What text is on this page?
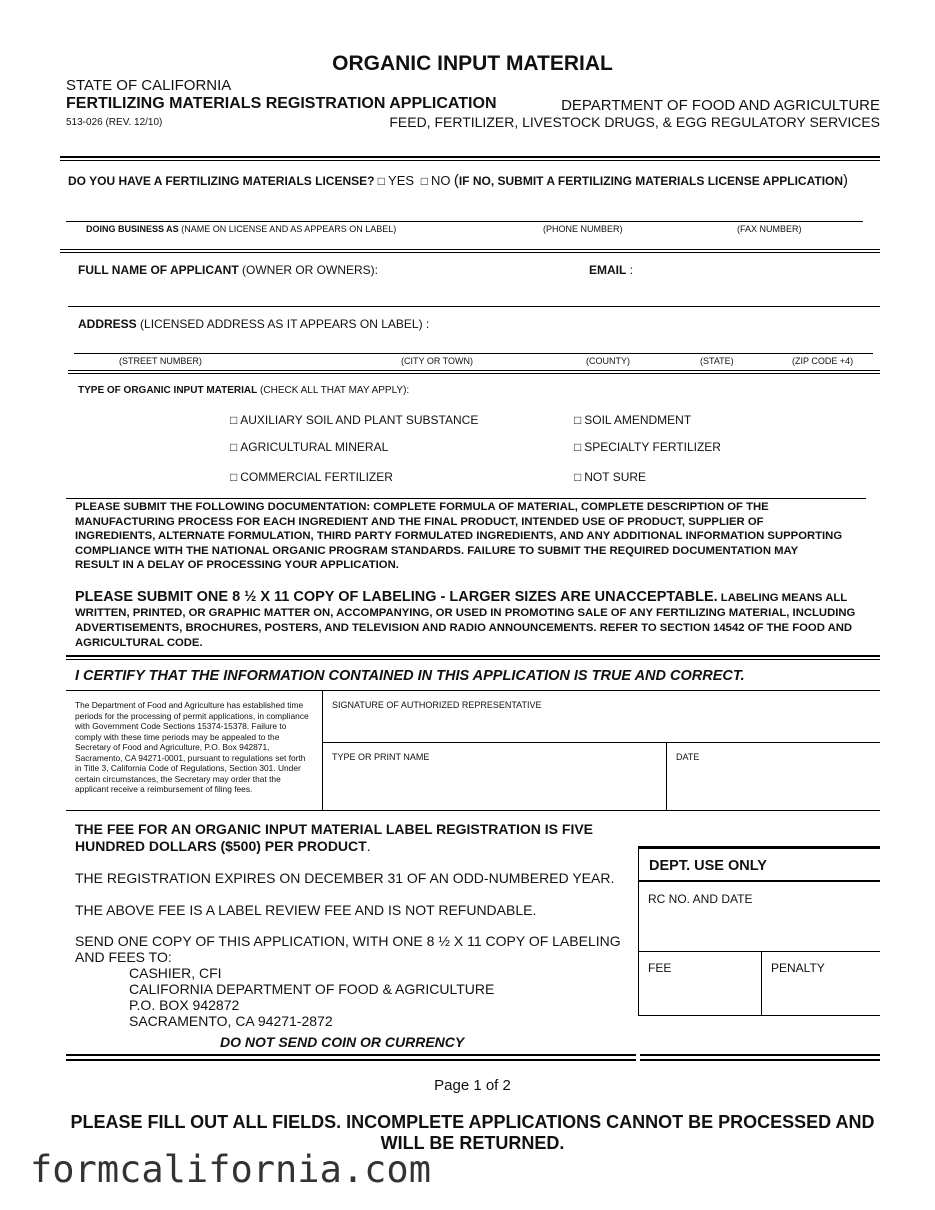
ORGANIC INPUT MATERIAL
STATE OF CALIFORNIA
FERTILIZING MATERIALS REGISTRATION APPLICATION	DEPARTMENT OF FOOD AND AGRICULTURE
513-026 (REV. 12/10)	FEED, FERTILIZER, LIVESTOCK DRUGS, & EGG REGULATORY SERVICES
DO YOU HAVE A FERTILIZING MATERIALS LICENSE? □ YES □ NO (IF NO, SUBMIT A FERTILIZING MATERIALS LICENSE APPLICATION)
DOING BUSINESS AS (NAME ON LICENSE AND AS APPEARS ON LABEL)	(PHONE NUMBER)	(FAX NUMBER)
FULL NAME OF APPLICANT (OWNER OR OWNERS):	EMAIL :
ADDRESS (LICENSED ADDRESS AS IT APPEARS ON LABEL) :
(STREET NUMBER)	(CITY OR TOWN)	(COUNTY)	(STATE)	(ZIP CODE +4)
TYPE OF ORGANIC INPUT MATERIAL (CHECK ALL THAT MAY APPLY):
□ AUXILIARY SOIL AND PLANT SUBSTANCE	□ SOIL AMENDMENT
□ AGRICULTURAL MINERAL	□ SPECIALTY FERTILIZER
□ COMMERCIAL FERTILIZER	□ NOT SURE
PLEASE SUBMIT THE FOLLOWING DOCUMENTATION: COMPLETE FORMULA OF MATERIAL, COMPLETE DESCRIPTION OF THE MANUFACTURING PROCESS FOR EACH INGREDIENT AND THE FINAL PRODUCT, INTENDED USE OF PRODUCT, SUPPLIER OF INGREDIENTS, ALTERNATE FORMULATION, THIRD PARTY FORMULATED INGREDIENTS, AND ANY ADDITIONAL INFORMATION SUPPORTING COMPLIANCE WITH THE NATIONAL ORGANIC PROGRAM STANDARDS. FAILURE TO SUBMIT THE REQUIRED DOCUMENTATION MAY RESULT IN A DELAY OF PROCESSING YOUR APPLICATION.
PLEASE SUBMIT ONE 8 ½ X 11 COPY OF LABELING - LARGER SIZES ARE UNACCEPTABLE. LABELING MEANS ALL WRITTEN, PRINTED, OR GRAPHIC MATTER ON, ACCOMPANYING, OR USED IN PROMOTING SALE OF ANY FERTILIZING MATERIAL, INCLUDING ADVERTISEMENTS, BROCHURES, POSTERS, AND TELEVISION AND RADIO ANNOUNCEMENTS. REFER TO SECTION 14542 OF THE FOOD AND AGRICULTURAL CODE.
I CERTIFY THAT THE INFORMATION CONTAINED IN THIS APPLICATION IS TRUE AND CORRECT.
The Department of Food and Agriculture has established time periods for the processing of permit applications, in compliance with Government Code Sections 15374-15378. Failure to comply with these time periods may be appealed to the Secretary of Food and Agriculture, P.O. Box 942871, Sacramento, CA 94271-0001, pursuant to regulations set forth in Title 3, California Code of Regulations, Section 301. Under certain circumstances, the Secretary may order that the applicant receive a reimbursement of filing fees.
SIGNATURE OF AUTHORIZED REPRESENTATIVE
TYPE OR PRINT NAME	DATE
THE FEE FOR AN ORGANIC INPUT MATERIAL LABEL REGISTRATION IS FIVE HUNDRED DOLLARS ($500) PER PRODUCT.
THE REGISTRATION EXPIRES ON DECEMBER 31 OF AN ODD-NUMBERED YEAR.
THE ABOVE FEE IS A LABEL REVIEW FEE AND IS NOT REFUNDABLE.
SEND ONE COPY OF THIS APPLICATION, WITH ONE 8 ½ X 11 COPY OF LABELING AND FEES TO:
CASHIER, CFI
CALIFORNIA DEPARTMENT OF FOOD & AGRICULTURE
P.O. BOX 942872
SACRAMENTO, CA 94271-2872
DO NOT SEND COIN OR CURRENCY
DEPT. USE ONLY
RC NO. AND DATE
FEE	PENALTY
Page 1 of 2
PLEASE FILL OUT ALL FIELDS. INCOMPLETE APPLICATIONS CANNOT BE PROCESSED AND WILL BE RETURNED.
formcalifornia.com
